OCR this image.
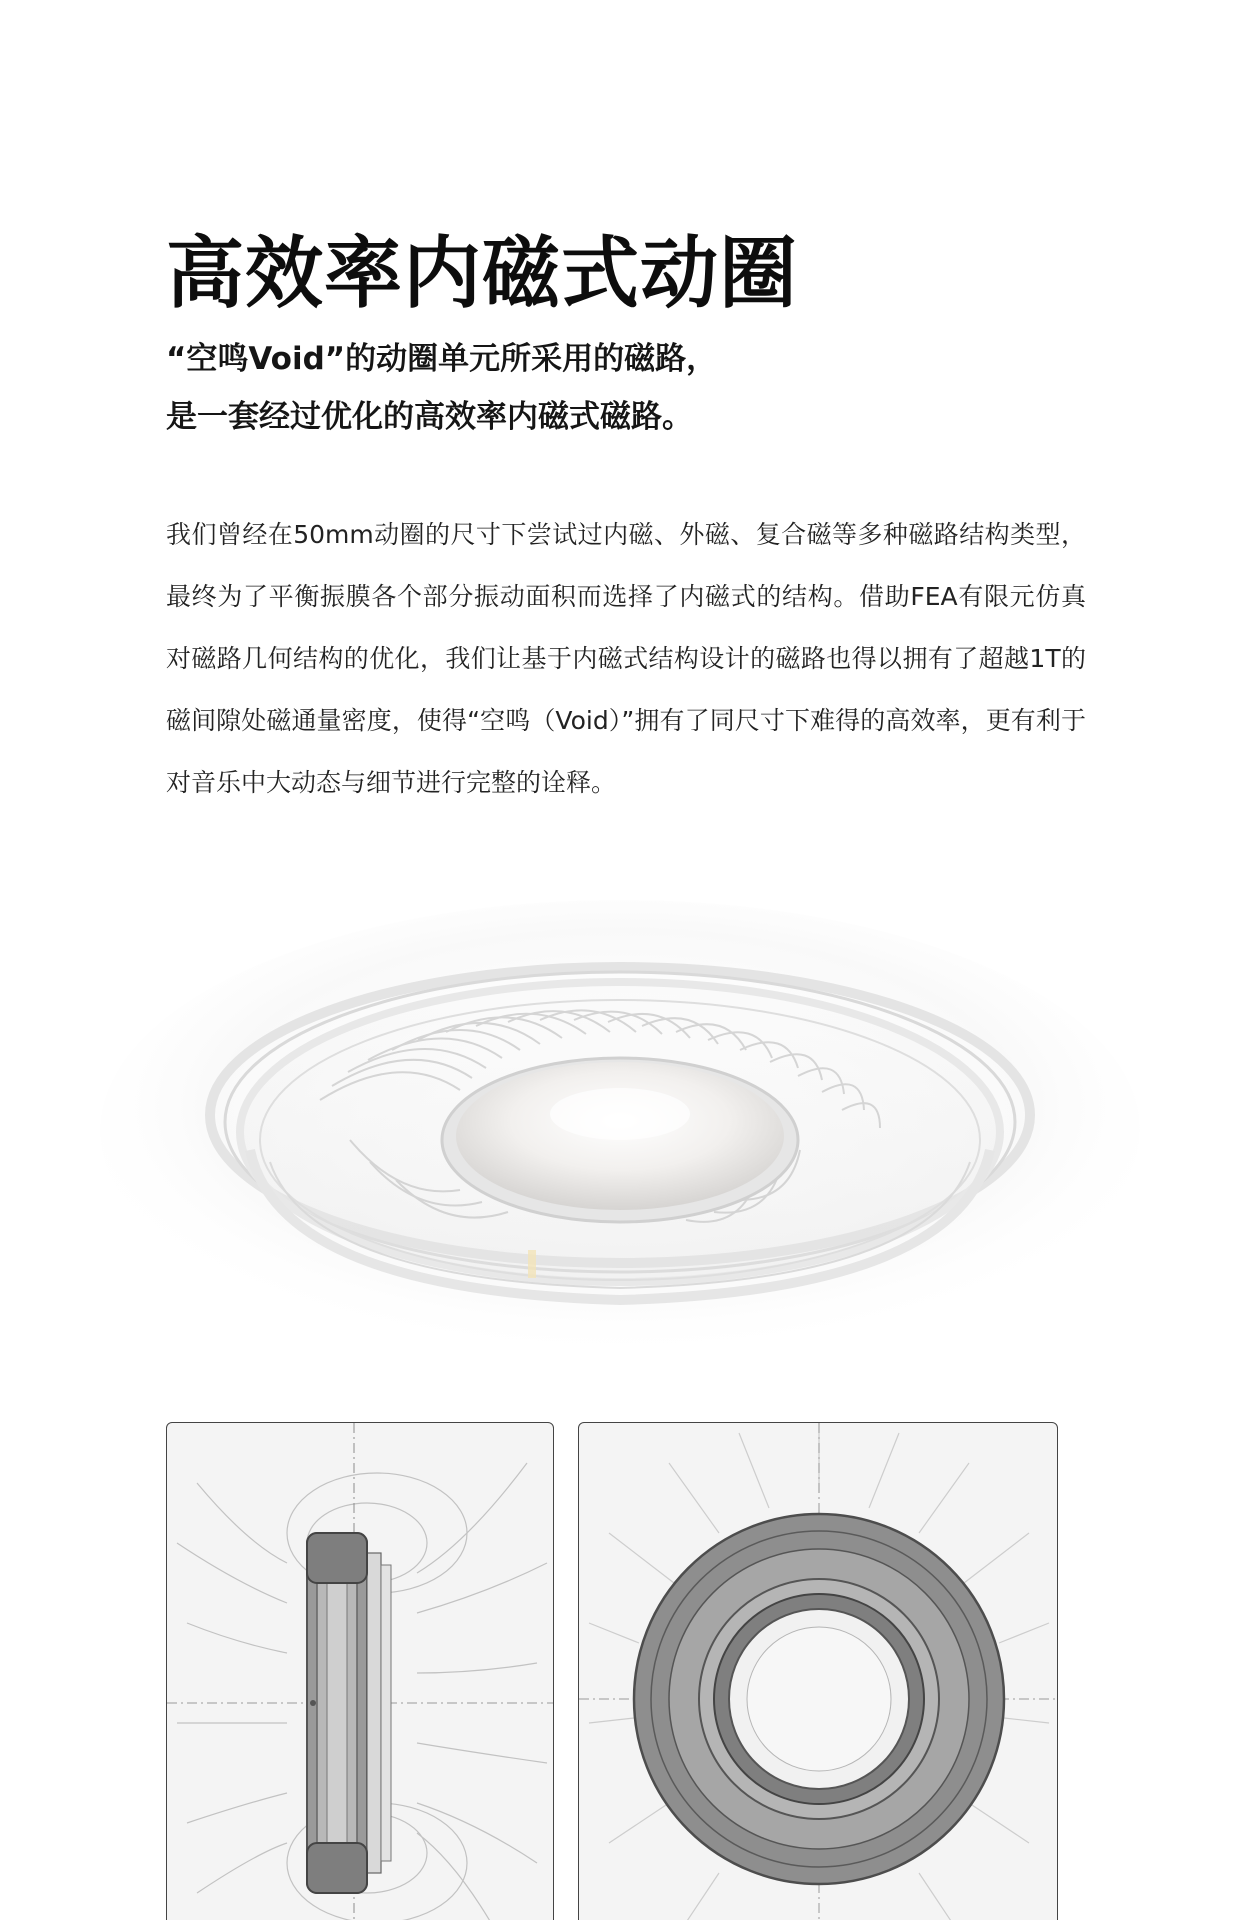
高效率内磁式动圈
“空鸣Void”的动圈单元所采用的磁路，
是一套经过优化的高效率内磁式磁路。

我们曾经在50mm动圈的尺寸下尝试过内磁、外磁、复合磁等多种磁路结构类型，最终为了平衡振膜各个部分振动面积而选择了内磁式的结构。借助FEA有限元仿真对磁路几何结构的优化，我们让基于内磁式结构设计的磁路也得以拥有了超越1T的磁间隙处磁通量密度，使得“空鸣（Void）”拥有了同尺寸下难得的高效率，更有利于对音乐中大动态与细节进行完整的诠释。
